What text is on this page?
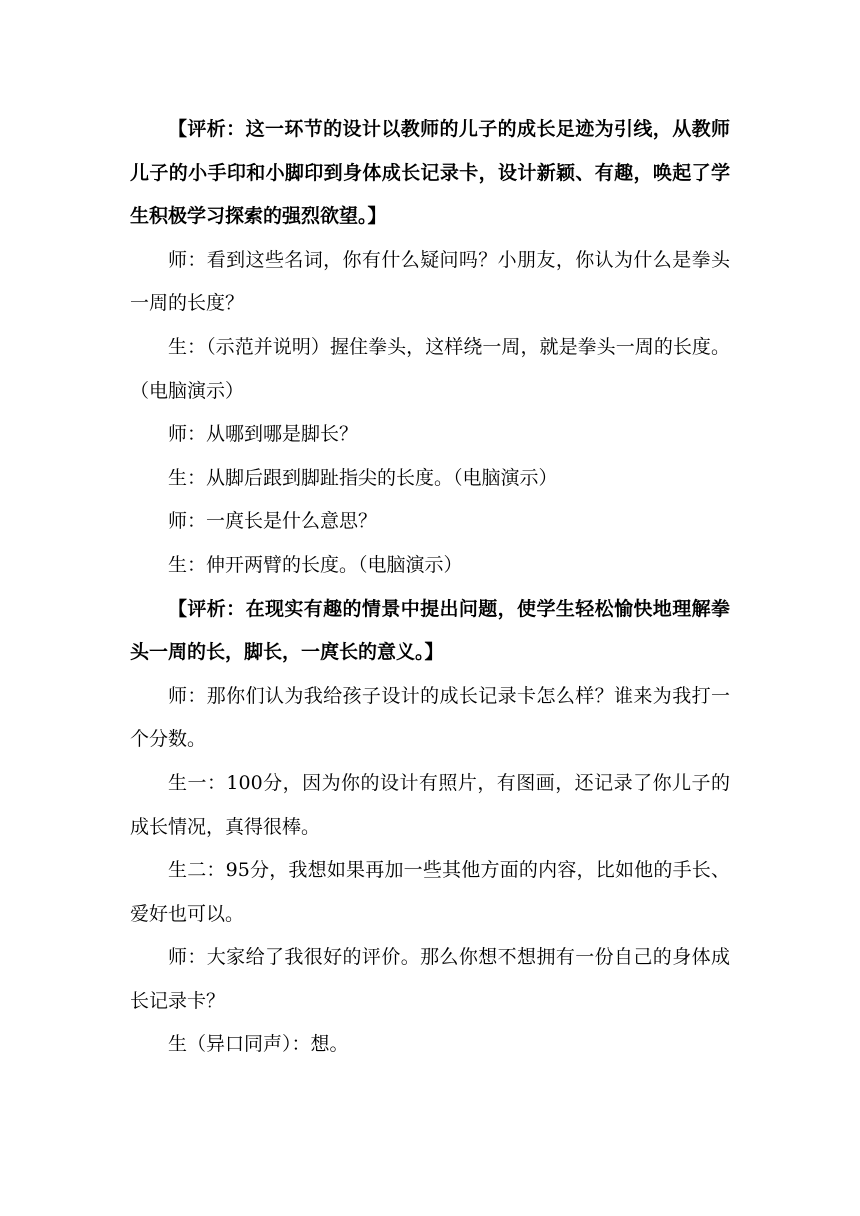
【评析：这一环节的设计以教师的儿子的成长足迹为引线，从教师儿子的小手印和小脚印到身体成长记录卡，设计新颖、有趣，唤起了学生积极学习探索的强烈欲望。】

师：看到这些名词，你有什么疑问吗？小朋友，你认为什么是拳头一周的长度？

生：（示范并说明）握住拳头，这样绕一周，就是拳头一周的长度。（电脑演示）

师：从哪到哪是脚长？

生：从脚后跟到脚趾指尖的长度。（电脑演示）

师：一庹长是什么意思？

生：伸开两臂的长度。（电脑演示）

【评析：在现实有趣的情景中提出问题，使学生轻松愉快地理解拳头一周的长，脚长，一庹长的意义。】

师：那你们认为我给孩子设计的成长记录卡怎么样？谁来为我打一个分数。

生一：100分，因为你的设计有照片，有图画，还记录了你儿子的成长情况，真得很棒。

生二：95分，我想如果再加一些其他方面的内容，比如他的手长、爱好也可以。

师：大家给了我很好的评价。那么你想不想拥有一份自己的身体成长记录卡？

生（异口同声）：想。
